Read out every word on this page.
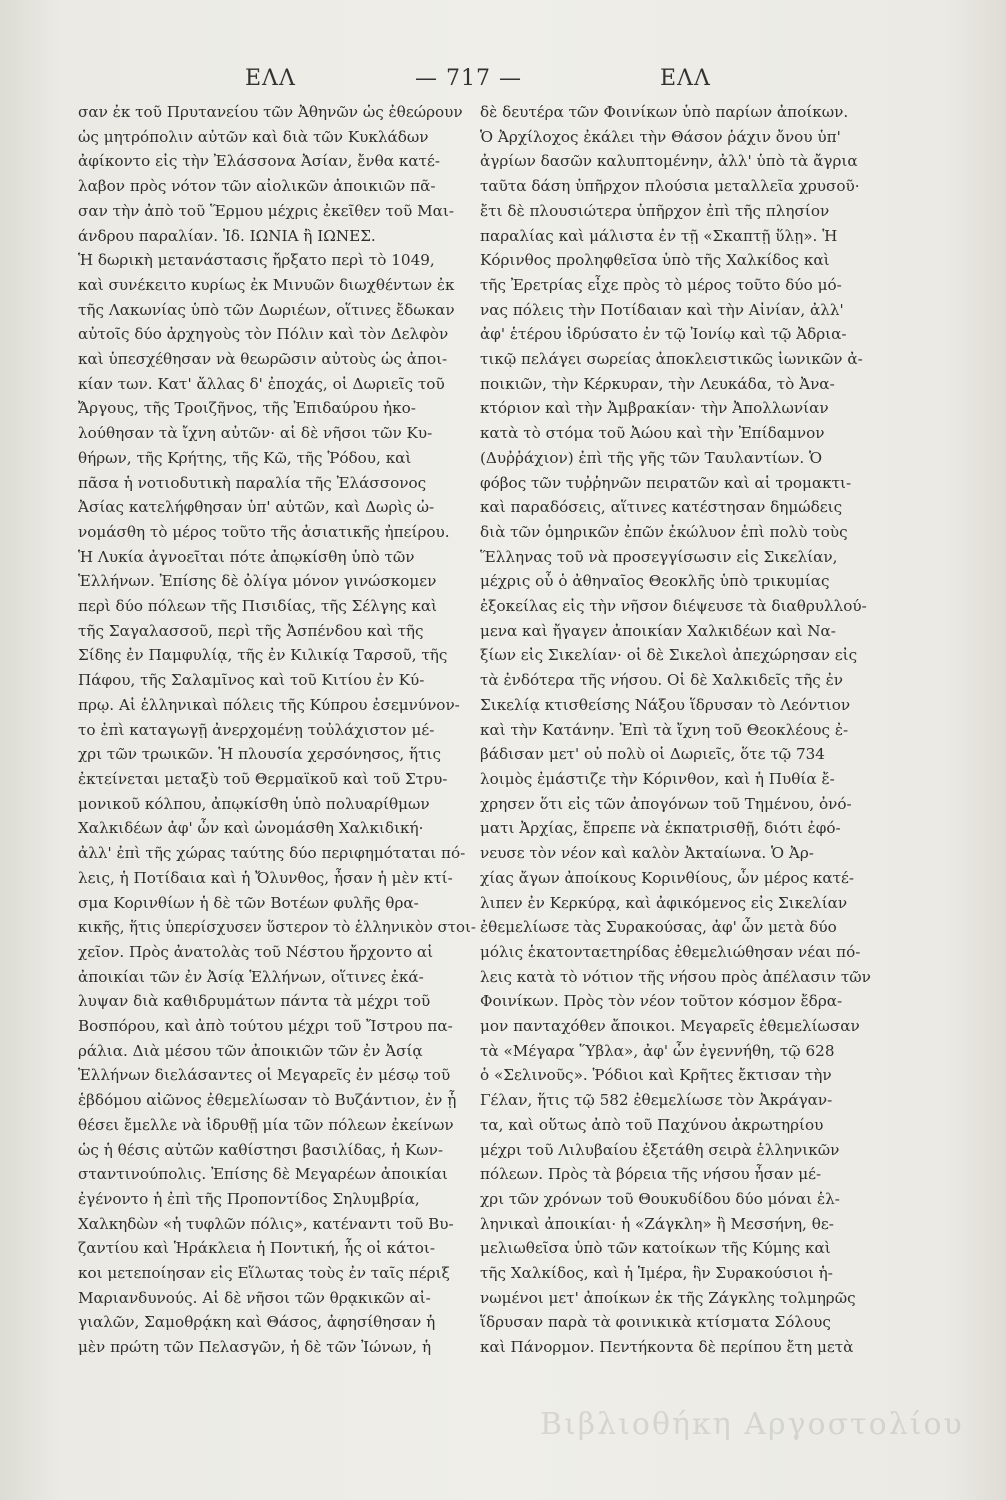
ΕΛΛ	— 717 —	ΕΛΛ
σαν ἐκ τοῦ Πρυτανείου τῶν Ἀθηνῶν ὡς ἐθεώρουν
ὡς μητρόπολιν αὐτῶν καὶ διὰ τῶν Κυκλάδων
ἀφίκοντο εἰς τὴν Ἐλάσσονα Ἀσίαν, ἔνθα κατέ-
λαβον πρὸς νότον τῶν αἰολικῶν ἀποικιῶν πᾶ-
σαν τὴν ἀπὸ τοῦ Ἕρμου μέχρις ἐκεῖθεν τοῦ Μαι-
άνδρου παραλίαν. Ἰδ. ΙΩΝΙΑ ἢ ΙΩΝΕΣ.
Ἡ δωρικὴ μετανάστασις ἤρξατο περὶ τὸ 1049,
καὶ συνέκειτο κυρίως ἐκ Μινυῶν διωχθέντων ἐκ
τῆς Λακωνίας ὑπὸ τῶν Δωριέων, οἵτινες ἔδωκαν
αὐτοῖς δύο ἀρχηγοὺς τὸν Πόλιν καὶ τὸν Δελφὸν
καὶ ὑπεσχέθησαν νὰ θεωρῶσιν αὐτοὺς ὡς ἀποι-
κίαν των. Κατ' ἄλλας δ' ἐποχάς, οἱ Δωριεῖς τοῦ
Ἄργους, τῆς Τροιζῆνος, τῆς Ἐπιδαύρου ἠκο-
λούθησαν τὰ ἴχνη αὐτῶν· αἱ δὲ νῆσοι τῶν Κυ-
θήρων, τῆς Κρήτης, τῆς Κῶ, τῆς Ῥόδου, καὶ
πᾶσα ἡ νοτιοδυτικὴ παραλία τῆς Ἐλάσσονος
Ἀσίας κατελήφθησαν ὑπ' αὐτῶν, καὶ Δωρὶς ὠ-
νομάσθη τὸ μέρος τοῦτο τῆς ἀσιατικῆς ἠπείρου.
Ἡ Λυκία ἀγνοεῖται πότε ἀπῳκίσθη ὑπὸ τῶν
Ἑλλήνων. Ἐπίσης δὲ ὀλίγα μόνον γινώσκομεν
περὶ δύο πόλεων τῆς Πισιδίας, τῆς Σέλγης καὶ
τῆς Σαγαλασσοῦ, περὶ τῆς Ἀσπένδου καὶ τῆς
Σίδης ἐν Παμφυλίᾳ, τῆς ἐν Κιλικίᾳ Ταρσοῦ, τῆς
Πάφου, τῆς Σαλαμῖνος καὶ τοῦ Κιτίου ἐν Κύ-
πρῳ. Αἱ ἑλληνικαὶ πόλεις τῆς Κύπρου ἐσεμνύνον-
το ἐπὶ καταγωγῇ ἀνερχομένῃ τοὐλάχιστον μέ-
χρι τῶν τρωικῶν. Ἡ πλουσία χερσόνησος, ἥτις
ἐκτείνεται μεταξὺ τοῦ Θερμαϊκοῦ καὶ τοῦ Στρυ-
μονικοῦ κόλπου, ἀπῳκίσθη ὑπὸ πολυαρίθμων
Χαλκιδέων ἀφ' ὧν καὶ ὠνομάσθη Χαλκιδική·
ἀλλ' ἐπὶ τῆς χώρας ταύτης δύο περιφημόταται πό-
λεις, ἡ Ποτίδαια καὶ ἡ Ὄλυνθος, ἦσαν ἡ μὲν κτί-
σμα Κορινθίων ἡ δὲ τῶν Βοτέων φυλῆς θρα-
κικῆς, ἥτις ὑπερίσχυσεν ὕστερον τὸ ἑλληνικὸν στοι-
χεῖον. Πρὸς ἀνατολὰς τοῦ Νέστου ἤρχοντο αἱ
ἀποικίαι τῶν ἐν Ἀσίᾳ Ἑλλήνων, οἵτινες ἐκά-
λυψαν διὰ καθιδρυμάτων πάντα τὰ μέχρι τοῦ
Βοσπόρου, καὶ ἀπὸ τούτου μέχρι τοῦ Ἴστρου πα-
ράλια. Διὰ μέσου τῶν ἀποικιῶν τῶν ἐν Ἀσίᾳ
Ἑλλήνων διελάσαντες οἱ Μεγαρεῖς ἐν μέσῳ τοῦ
ἑβδόμου αἰῶνος ἐθεμελίωσαν τὸ Βυζάντιον, ἐν ᾗ
θέσει ἔμελλε νὰ ἱδρυθῇ μία τῶν πόλεων ἐκείνων
ὡς ἡ θέσις αὐτῶν καθίστησι βασιλίδας, ἡ Κων-
σταντινούπολις. Ἐπίσης δὲ Μεγαρέων ἀποικίαι
ἐγένοντο ἡ ἐπὶ τῆς Προποντίδος Σηλυμβρία,
Χαλκηδὼν «ἡ τυφλῶν πόλις», κατέναντι τοῦ Βυ-
ζαντίου καὶ Ἡράκλεια ἡ Ποντική, ἧς οἱ κάτοι-
κοι μετεποίησαν εἰς Εἵλωτας τοὺς ἐν ταῖς πέριξ
Μαριανδυνούς. Αἱ δὲ νῆσοι τῶν θρᾳκικῶν αἰ-
γιαλῶν, Σαμοθρᾴκη καὶ Θάσος, ἀφησίθησαν ἡ
μὲν πρώτη τῶν Πελασγῶν, ἡ δὲ τῶν Ἰώνων, ἡ
δὲ δευτέρα τῶν Φοινίκων ὑπὸ παρίων ἀποίκων.
Ὁ Ἀρχίλοχος ἐκάλει τὴν Θάσον ῥάχιν ὄνου ὑπ'
ἀγρίων δασῶν καλυπτομένην, ἀλλ' ὑπὸ τὰ ἄγρια
ταῦτα δάση ὑπῆρχον πλούσια μεταλλεῖα χρυσοῦ·
ἔτι δὲ πλουσιώτερα ὑπῆρχον ἐπὶ τῆς πλησίον
παραλίας καὶ μάλιστα ἐν τῇ «Σκαπτῇ ὕλῃ». Ἡ
Κόρινθος προληφθεῖσα ὑπὸ τῆς Χαλκίδος καὶ
τῆς Ἐρετρίας εἶχε πρὸς τὸ μέρος τοῦτο δύο μό-
νας πόλεις τὴν Ποτίδαιαν καὶ τὴν Αἰνίαν, ἀλλ'
ἀφ' ἑτέρου ἱδρύσατο ἐν τῷ Ἰονίῳ καὶ τῷ Ἀδρια-
τικῷ πελάγει σωρείας ἀποκλειστικῶς ἰωνικῶν ἀ-
ποικιῶν, τὴν Κέρκυραν, τὴν Λευκάδα, τὸ Ἀνα-
κτόριον καὶ τὴν Ἀμβρακίαν· τὴν Ἀπολλωνίαν
κατὰ τὸ στόμα τοῦ Ἀώου καὶ τὴν Ἐπίδαμνον
(Δυῤῥάχιον) ἐπὶ τῆς γῆς τῶν Ταυλαντίων. Ὁ
φόβος τῶν τυῤῥηνῶν πειρατῶν καὶ αἱ τρομακτι-
καὶ παραδόσεις, αἵτινες κατέστησαν δημώδεις
διὰ τῶν ὁμηρικῶν ἐπῶν ἐκώλυον ἐπὶ πολὺ τοὺς
Ἕλληνας τοῦ νὰ προσεγγίσωσιν εἰς Σικελίαν,
μέχρις οὗ ὁ ἀθηναῖος Θεοκλῆς ὑπὸ τρικυμίας
ἐξοκείλας εἰς τὴν νῆσον διέψευσε τὰ διαθρυλλού-
μενα καὶ ἤγαγεν ἀποικίαν Χαλκιδέων καὶ Να-
ξίων εἰς Σικελίαν· οἱ δὲ Σικελοὶ ἀπεχώρησαν εἰς
τὰ ἐνδότερα τῆς νήσου. Οἱ δὲ Χαλκιδεῖς τῆς ἐν
Σικελίᾳ κτισθείσης Νάξου ἵδρυσαν τὸ Λεόντιον
καὶ τὴν Κατάνην. Ἐπὶ τὰ ἴχνη τοῦ Θεοκλέους ἐ-
βάδισαν μετ' οὐ πολὺ οἱ Δωριεῖς, ὅτε τῷ 734
λοιμὸς ἐμάστιζε τὴν Κόρινθον, καὶ ἡ Πυθία ἔ-
χρησεν ὅτι εἰς τῶν ἀπογόνων τοῦ Τημένου, ὀνό-
ματι Ἀρχίας, ἔπρεπε νὰ ἐκπατρισθῇ, διότι ἐφό-
νευσε τὸν νέον καὶ καλὸν Ἀκταίωνα. Ὁ Ἀρ-
χίας ἄγων ἀποίκους Κορινθίους, ὧν μέρος κατέ-
λιπεν ἐν Κερκύρᾳ, καὶ ἀφικόμενος εἰς Σικελίαν
ἐθεμελίωσε τὰς Συρακούσας, ἀφ' ὧν μετὰ δύο
μόλις ἑκατονταετηρίδας ἐθεμελιώθησαν νέαι πό-
λεις κατὰ τὸ νότιον τῆς νήσου πρὸς ἀπέλασιν τῶν
Φοινίκων. Πρὸς τὸν νέον τοῦτον κόσμον ἔδρα-
μον πανταχόθεν ἄποικοι. Μεγαρεῖς ἐθεμελίωσαν
τὰ «Μέγαρα Ὕβλα», ἀφ' ὧν ἐγεννήθη, τῷ 628
ὁ «Σελινοῦς». Ῥόδιοι καὶ Κρῆτες ἔκτισαν τὴν
Γέλαν, ἥτις τῷ 582 ἐθεμελίωσε τὸν Ἀκράγαν-
τα, καὶ οὕτως ἀπὸ τοῦ Παχύνου ἀκρωτηρίου
μέχρι τοῦ Λιλυβαίου ἐξετάθη σειρὰ ἑλληνικῶν
πόλεων. Πρὸς τὰ βόρεια τῆς νήσου ἦσαν μέ-
χρι τῶν χρόνων τοῦ Θουκυδίδου δύο μόναι ἑλ-
ληνικαὶ ἀποικίαι· ἡ «Ζάγκλη» ἢ Μεσσήνη, θε-
μελιωθεῖσα ὑπὸ τῶν κατοίκων τῆς Κύμης καὶ
τῆς Χαλκίδος, καὶ ἡ Ἱμέρα, ἣν Συρακούσιοι ἡ-
νωμένοι μετ' ἀποίκων ἐκ τῆς Ζάγκλης τολμηρῶς
ἵδρυσαν παρὰ τὰ φοινικικὰ κτίσματα Σόλους
καὶ Πάνορμον. Πεντήκοντα δὲ περίπου ἔτη μετὰ
Βιβλιοθήκη Αργοστολίου
